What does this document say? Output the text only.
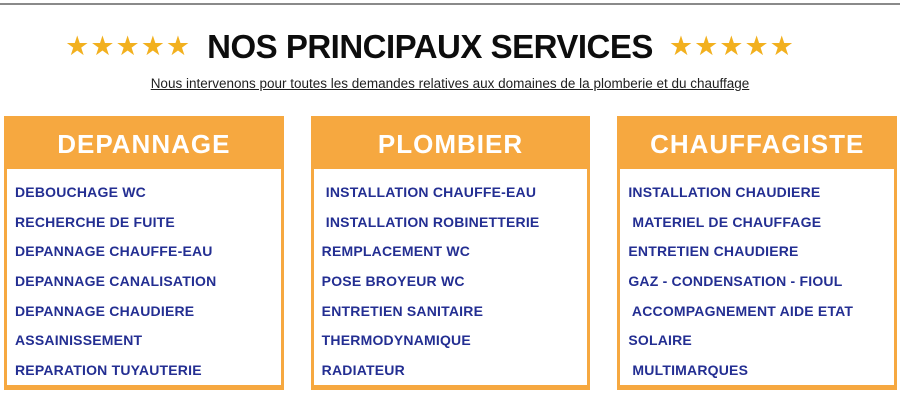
★★★★★ NOS PRINCIPAUX SERVICES ★★★★★
Nous intervenons pour toutes les demandes relatives aux domaines de la plomberie et du chauffage
DEPANNAGE
DEBOUCHAGE WC
RECHERCHE DE FUITE
DEPANNAGE CHAUFFE-EAU
DEPANNAGE CANALISATION
DEPANNAGE CHAUDIERE
ASSAINISSEMENT
REPARATION TUYAUTERIE
PLOMBIER
INSTALLATION CHAUFFE-EAU
INSTALLATION ROBINETTERIE
REMPLACEMENT WC
POSE BROYEUR WC
ENTRETIEN SANITAIRE
THERMODYNAMIQUE
RADIATEUR
CHAUFFAGISTE
INSTALLATION CHAUDIERE
MATERIEL DE CHAUFFAGE
ENTRETIEN CHAUDIERE
GAZ - CONDENSATION - FIOUL
ACCOMPAGNEMENT AIDE ETAT
SOLAIRE
MULTIMARQUES
